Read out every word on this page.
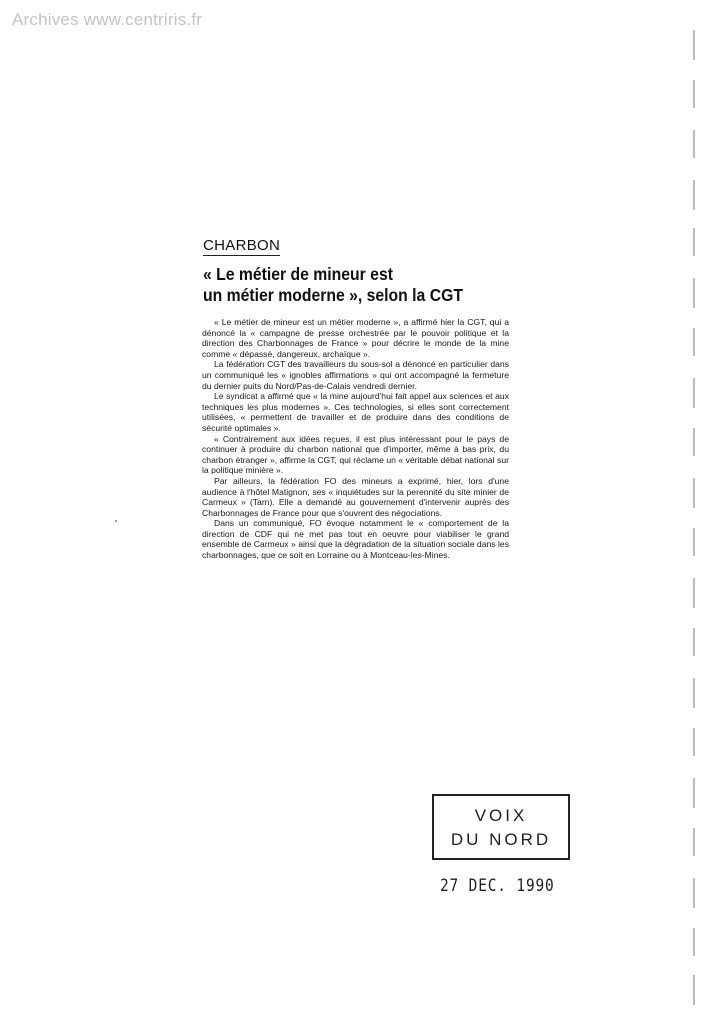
Archives www.centriris.fr
CHARBON
« Le métier de mineur est
un métier moderne », selon la CGT

« Le métier de mineur est un métier moderne », a affirmé hier la CGT, qui a dénoncé la « campagne de presse orchestrée par le pouvoir politique et la direction des Charbonnages de France » pour décrire le monde de la mine comme « dépassé, dangereux, archaïque ».

La fédération CGT des travailleurs du sous-sol a dénoncé en particulier dans un communiqué les « ignobles affirmations » qui ont accompagné la fermeture du dernier puits du Nord/Pas-de-Calais vendredi dernier.

Le syndicat a affirmé que « la mine aujourd'hui fait appel aux sciences et aux techniques les plus modernes ». Ces technologies, si elles sont correctement utilisées, « permettent de travailler et de produire dans des conditions de sécurité optimales ».

« Contrairement aux idées reçues, il est plus intéressant pour le pays de continuer à produire du charbon national que d'importer, même à bas prix, du charbon étranger », affirme la CGT, qui réclame un « véritable débat national sur la politique minière ».

Par ailleurs, la fédération FO des mineurs a exprimé, hier, lors d'une audience à l'hôtel Matignon, ses « inquiétudes sur la perennité du site minier de Carmeux » (Tarn). Elle a demandé au gouvernement d'intervenir auprès des Charbonnages de France pour que s'ouvrent des négociations.

Dans un communiqué, FO évoque notamment le « comportement de la direction de CDF qui ne met pas tout en oeuvre pour viabiliser le grand ensemble de Carmeux » ainsi que la dégradation de la situation sociale dans les charbonnages, que ce soit en Lorraine ou à Montceau-les-Mines.

VOIX
DU NORD
27 DEC. 1990
